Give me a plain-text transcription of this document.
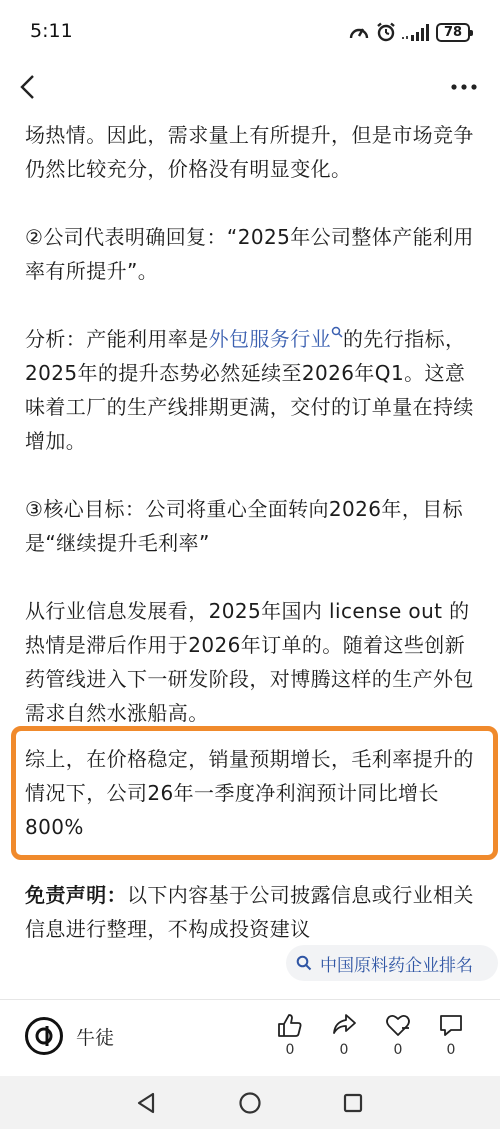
5:11	78

场热情。因此，需求量上有所提升，但是市场竞争仍然比较充分，价格没有明显变化。

②公司代表明确回复：“2025年公司整体产能利用率有所提升”。

分析：产能利用率是外包服务行业 的先行指标，2025年的提升态势必然延续至2026年Q1。这意味着工厂的生产线排期更满，交付的订单量在持续增加。

③核心目标：公司将重心全面转向2026年，目标是“继续提升毛利率”

从行业信息发展看，2025年国内 license out 的热情是滞后作用于2026年订单的。随着这些创新药管线进入下一研发阶段，对博腾这样的生产外包需求自然水涨船高。

综上，在价格稳定，销量预期增长，毛利率提升的情况下，公司26年一季度净利润预计同比增长800%

免责声明：以下内容基于公司披露信息或行业相关信息进行整理，不构成投资建议

中国原料药企业排名
牛徒
0	0	0	0
